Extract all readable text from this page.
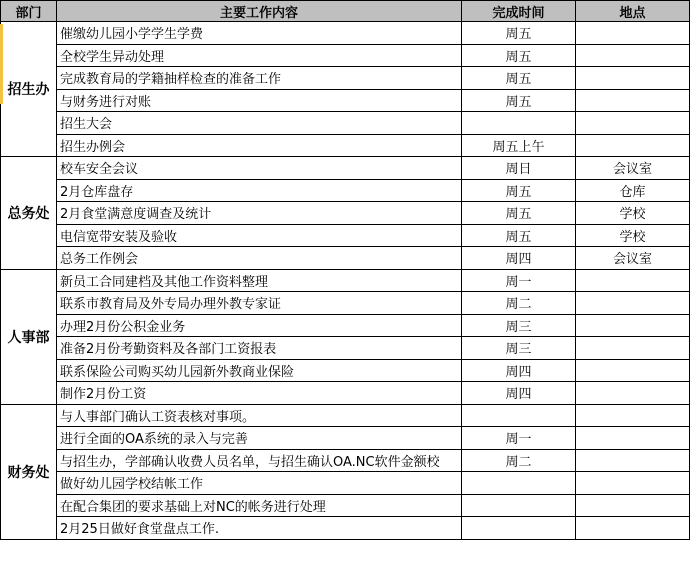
部门	主要工作内容	完成时间	地点
招生办	催缴幼儿园小学学生学费	周五	
	全校学生异动处理	周五	
	完成教育局的学籍抽样检查的准备工作	周五	
	与财务进行对账	周五	
	招生大会		
	招生办例会	周五上午	
总务处	校车安全会议	周日	会议室
	2月仓库盘存	周五	仓库
	2月食堂满意度调查及统计	周五	学校
	电信宽带安装及验收	周五	学校
	总务工作例会	周四	会议室
人事部	新员工合同建档及其他工作资料整理	周一	
	联系市教育局及外专局办理外教专家证	周二	
	办理2月份公积金业务	周三	
	准备2月份考勤资料及各部门工资报表	周三	
	联系保险公司购买幼儿园新外教商业保险	周四	
	制作2月份工资	周四	
财务处	与人事部门确认工资表核对事项。		
	进行全面的OA系统的录入与完善	周一	
	与招生办，学部确认收费人员名单，与招生确认OA.NC软件金额校	周二	
	做好幼儿园学校结帐工作		
	在配合集团的要求基础上对NC的帐务进行处理		
	2月25日做好食堂盘点工作.		
